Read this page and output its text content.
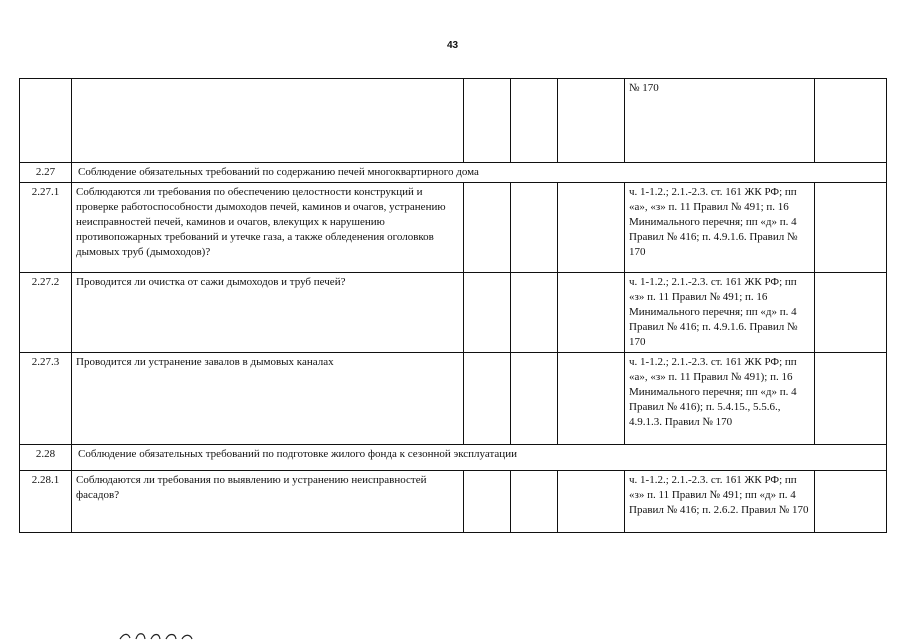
43
					№ 170	
2.27	Соблюдение обязательных требований по содержанию печей многоквартирного дома					
2.27.1	Соблюдаются ли требования по обеспечению целостности конструкций и проверке работоспособности дымоходов печей, каминов и очагов, устранению неисправностей печей, каминов и очагов, влекущих к нарушению противопожарных требований и утечке газа, а также обледенения оголовков дымовых труб (дымоходов)?				ч. 1-1.2.; 2.1.-2.3. ст. 161 ЖК РФ; пп «а», «з» п. 11 Правил № 491; п. 16 Минимального перечня; пп «д» п. 4 Правил № 416; п. 4.9.1.6. Правил № 170	
2.27.2	Проводится ли очистка от сажи дымоходов и труб печей?				ч. 1-1.2.; 2.1.-2.3. ст. 161 ЖК РФ; пп «з» п. 11 Правил № 491; п. 16 Минимального перечня; пп «д» п. 4 Правил № 416; п. 4.9.1.6. Правил № 170	
2.27.3	Проводится ли устранение завалов в дымовых каналах				ч. 1-1.2.; 2.1.-2.3. ст. 161 ЖК РФ; пп «а», «з» п. 11 Правил № 491); п. 16 Минимального перечня; пп «д» п. 4 Правил № 416); п. 5.4.15., 5.5.6., 4.9.1.3. Правил № 170	
2.28	Соблюдение обязательных требований по подготовке жилого фонда к сезонной эксплуатации					
2.28.1	Соблюдаются ли требования по выявлению и устранению неисправностей фасадов?				ч. 1-1.2.; 2.1.-2.3. ст. 161 ЖК РФ; пп «з» п. 11 Правил № 491; пп «д» п. 4 Правил № 416; п. 2.6.2. Правил № 170	
